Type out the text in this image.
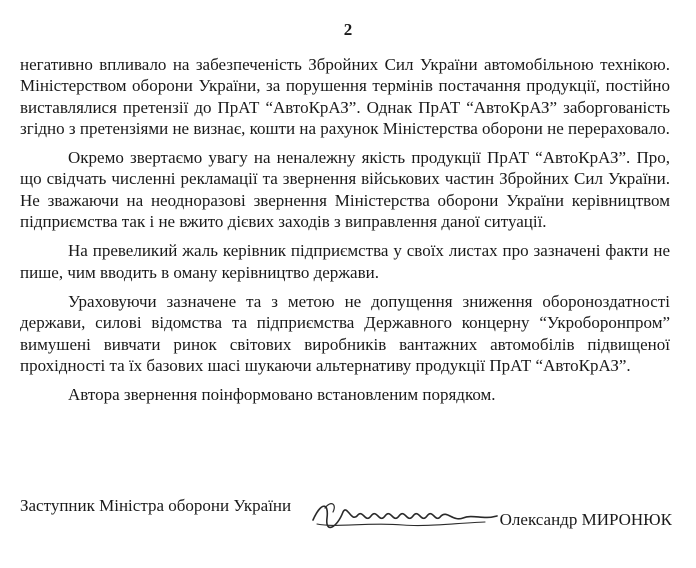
2

негативно впливало на забезпеченість Збройних Сил України автомобільною технікою. Міністерством оборони України, за порушення термінів постачання продукції, постійно виставлялися претензії до ПрАТ “АвтоКрАЗ”. Однак ПрАТ “АвтоКрАЗ” заборгованість згідно з претензіями не визнає, кошти на рахунок Міністерства оборони не перераховало.

Окремо звертаємо увагу на неналежну якість продукції ПрАТ “АвтоКрАЗ”. Про, що свідчать численні рекламації та звернення військових частин Збройних Сил України. Не зважаючи на неодноразові звернення Міністерства оборони України керівництвом підприємства так і не вжито дієвих заходів з виправлення даної ситуації.

На превеликий жаль керівник підприємства у своїх листах про зазначені факти не пише, чим вводить в оману керівництво держави.

Ураховуючи зазначене та з метою не допущення зниження обороноздатності держави, силові відомства та підприємства Державного концерну “Укроборонпром” вимушені вивчати ринок світових виробників вантажних автомобілів підвищеної прохідності та їх базових шасі шукаючи альтернативу продукції ПрАТ “АвтоКрАЗ”.

Автора звернення поінформовано встановленим порядком.

Заступник Міністра оборони України
Олександр МИРОНЮК
